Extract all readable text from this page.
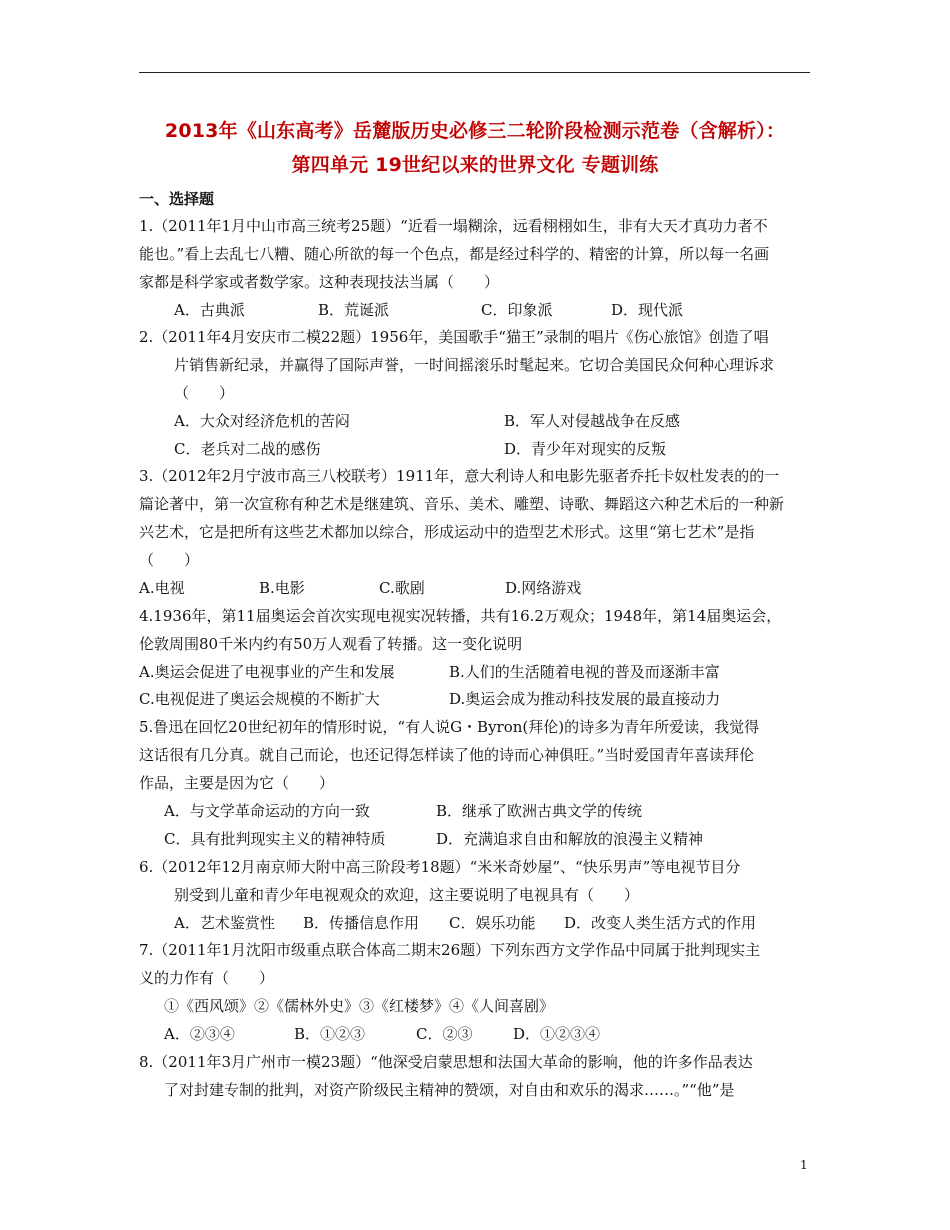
2013年《山东高考》岳麓版历史必修三二轮阶段检测示范卷（含解析）：
第四单元 19世纪以来的世界文化 专题训练
一、选择题
1.（2011年1月中山市高三统考25题）“近看一塌糊涂，远看栩栩如生，非有大天才真功力者不
能也。”看上去乱七八糟、随心所欲的每一个色点，都是经过科学的、精密的计算，所以每一名画
家都是科学家或者数学家。这种表现技法当属（　　）
A．古典派	B．荒诞派	C．印象派	D．现代派
2.（2011年4月安庆市二模22题）1956年，美国歌手“猫王”录制的唱片《伤心旅馆》创造了唱
片销售新纪录，并赢得了国际声誉，一时间摇滚乐时髦起来。它切合美国民众何种心理诉求
（　　）
A．大众对经济危机的苦闷	B．军人对侵越战争在反感
C．老兵对二战的感伤	D．青少年对现实的反叛
3.（2012年2月宁波市高三八校联考）1911年，意大利诗人和电影先驱者乔托卡奴杜发表的的一
篇论著中，第一次宣称有种艺术是继建筑、音乐、美术、雕塑、诗歌、舞蹈这六种艺术后的一种新
兴艺术，它是把所有这些艺术都加以综合，形成运动中的造型艺术形式。这里“第七艺术”是指
（　　）
A.电视	B.电影	C.歌剧	D.网络游戏
4.1936年，第11届奥运会首次实现电视实况转播，共有16.2万观众；1948年，第14届奥运会，
伦敦周围80千米内约有50万人观看了转播。这一变化说明
A.奥运会促进了电视事业的产生和发展	B.人们的生活随着电视的普及而逐渐丰富
C.电视促进了奥运会规模的不断扩大	D.奥运会成为推动科技发展的最直接动力
5.鲁迅在回忆20世纪初年的情形时说，“有人说G・Byron(拜伦)的诗多为青年所爱读，我觉得
这话很有几分真。就自己而论，也还记得怎样读了他的诗而心神俱旺。”当时爱国青年喜读拜伦
作品，主要是因为它（　　）
A．与文学革命运动的方向一致	B．继承了欧洲古典文学的传统
C．具有批判现实主义的精神特质	D．充满追求自由和解放的浪漫主义精神
6.（2012年12月南京师大附中高三阶段考18题）“米米奇妙屋”、“快乐男声”等电视节目分
别受到儿童和青少年电视观众的欢迎，这主要说明了电视具有（　　）
A．艺术鉴赏性 B．传播信息作用 C．娱乐功能 D．改变人类生活方式的作用
7.（2011年1月沈阳市级重点联合体高二期末26题）下列东西方文学作品中同属于批判现实主
义的力作有（　　）
①《西风颂》②《儒林外史》③《红楼梦》④《人间喜剧》
A．②③④	B．①②③	C．②③	D．①②③④
8.（2011年3月广州市一模23题）“他深受启蒙思想和法国大革命的影响，他的许多作品表达
了对封建专制的批判，对资产阶级民主精神的赞颂，对自由和欢乐的渴求……。”“他”是
1
